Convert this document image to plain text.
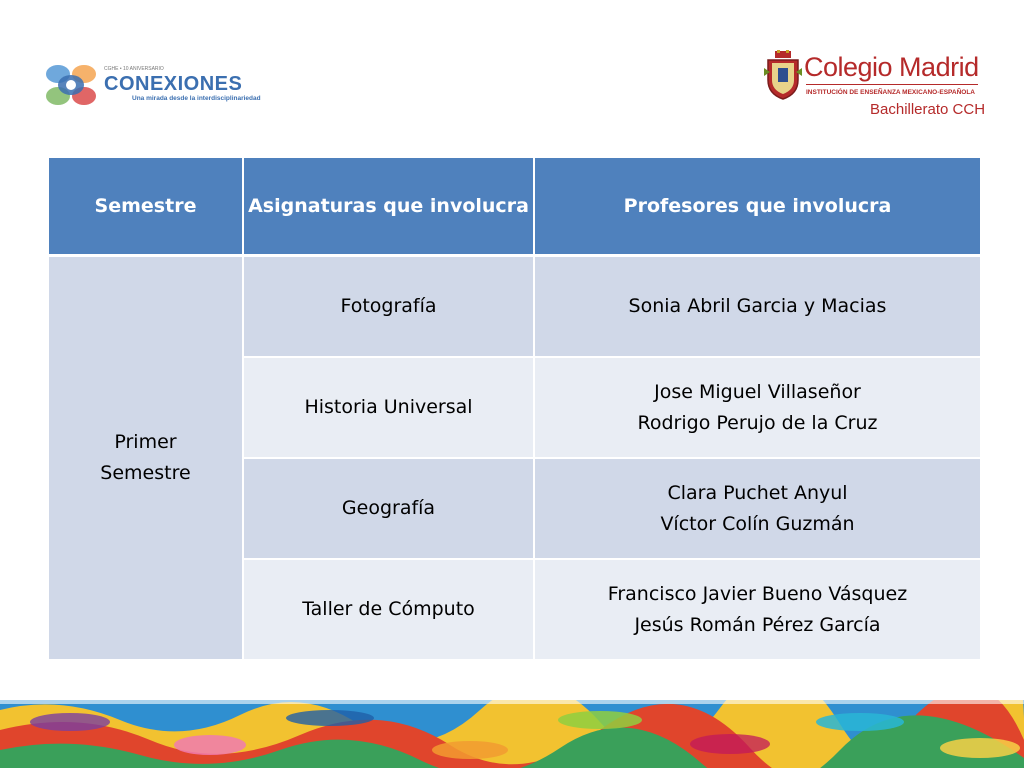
CGHE • 10 ANIVERSARIO
CONEXIONES
Una mirada desde la interdisciplinariedad
Colegio Madrid
INSTITUCIÓN DE ENSEÑANZA MEXICANO-ESPAÑOLA
Bachillerato CCH
Semestre	Asignaturas que involucra	Profesores que involucra

Primer
Semestre	Fotografía	Sonia Abril Garcia y Macias

	Historia Universal	Jose Miguel Villaseñor
Rodrigo Perujo de la Cruz

	Geografía	Clara Puchet Anyul
Víctor Colín Guzmán

	Taller de Cómputo	Francisco Javier Bueno Vásquez
Jesús Román Pérez García
